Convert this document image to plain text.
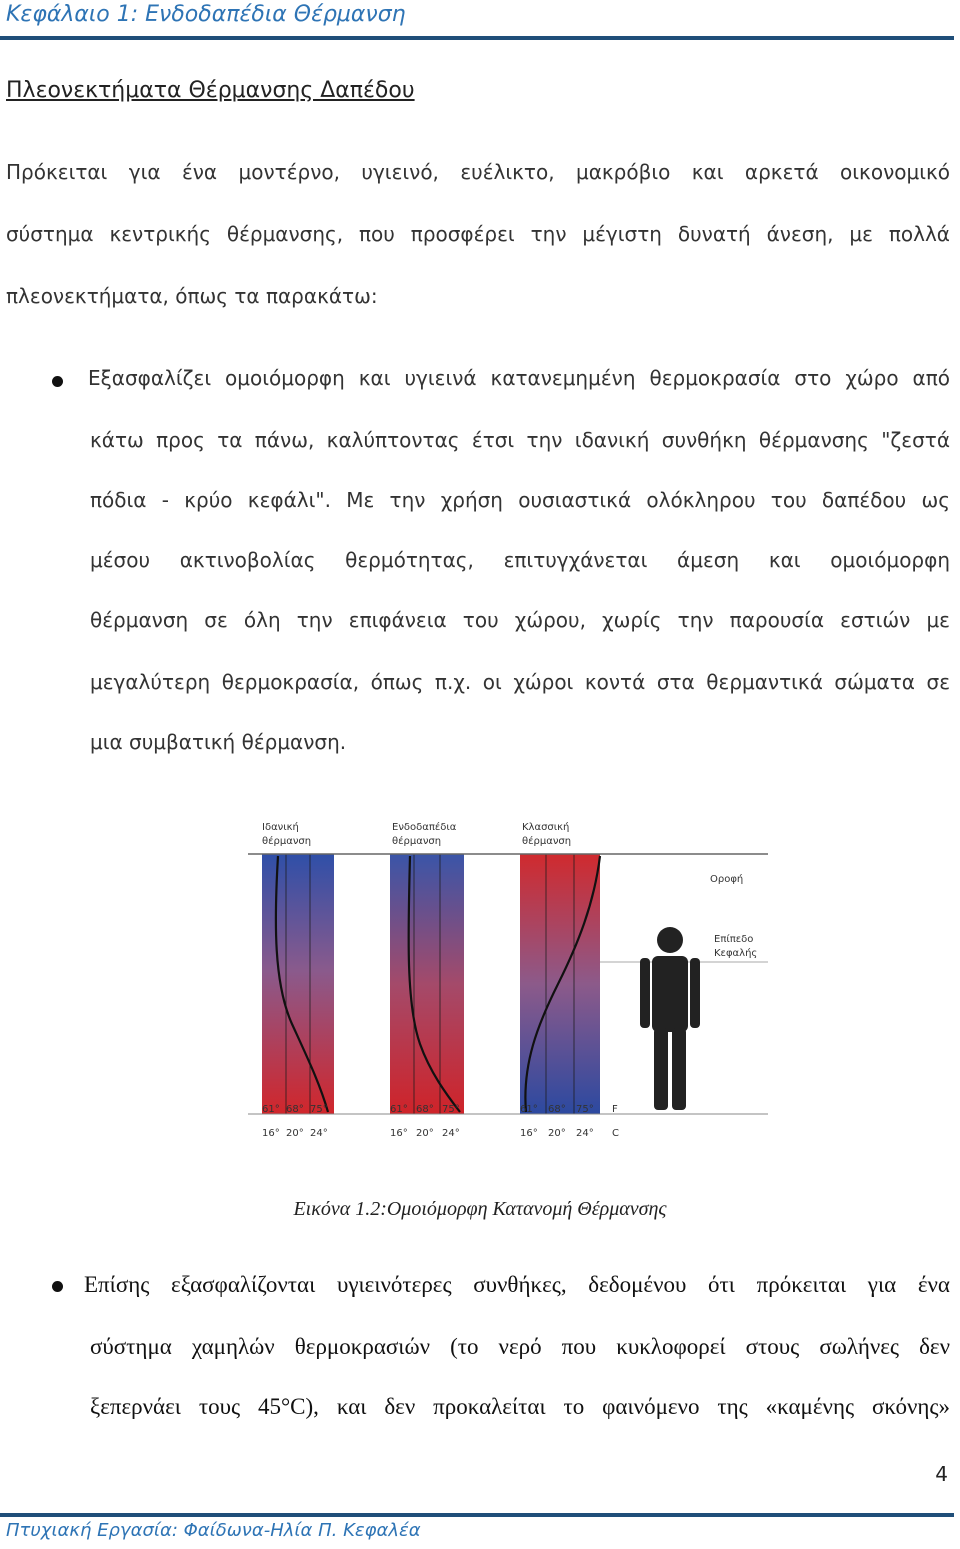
Κεφάλαιο 1: Ενδοδαπέδια Θέρμανση
Πλεονεκτήματα Θέρμανσης Δαπέδου
Πρόκειται για ένα μοντέρνο, υγιεινό, ευέλικτο, μακρόβιο και αρκετά οικονομικό
σύστημα κεντρικής θέρμανσης, που προσφέρει την μέγιστη δυνατή άνεση, με πολλά
πλεονεκτήματα, όπως τα παρακάτω:
Εξασφαλίζει ομοιόμορφη και υγιεινά κατανεμημένη θερμοκρασία στο χώρο από
κάτω προς τα πάνω, καλύπτοντας έτσι την ιδανική συνθήκη θέρμανσης "ζεστά
πόδια - κρύο κεφάλι". Με την χρήση ουσιαστικά ολόκληρου του δαπέδου ως
μέσου ακτινοβολίας θερμότητας, επιτυγχάνεται άμεση και ομοιόμορφη
θέρμανση σε όλη την επιφάνεια του χώρου, χωρίς την παρουσία εστιών με
μεγαλύτερη θερμοκρασία, όπως π.χ. οι χώροι κοντά στα θερμαντικά σώματα σε
μια συμβατική θέρμανση.
Ιδανική
θέρμανση
Ενδοδαπέδια
θέρμανση
Κλασσική
θέρμανση
Οροφή
Επίπεδο
Κεφαλής
61° 68° 75°
16° 20° 24°
61° 68° 75°
16° 20° 24°
61° 68° 75° F
16° 20° 24° C
Εικόνα 1.2:Ομοιόμορφη Κατανομή Θέρμανσης
Επίσης εξασφαλίζονται υγιεινότερες συνθήκες, δεδομένου ότι πρόκειται για ένα
σύστημα χαμηλών θερμοκρασιών (το νερό που κυκλοφορεί στους σωλήνες δεν
ξεπερνάει τους 45°C), και δεν προκαλείται το φαινόμενο της «καμένης σκόνης»
4
Πτυχιακή Εργασία: Φαίδωνα-Ηλία Π. Κεφαλέα
